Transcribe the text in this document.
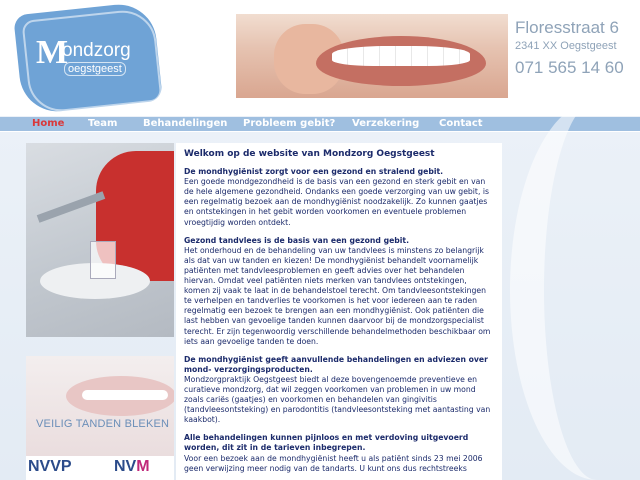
M
ondzorg
oegstgeest
Floresstraat 6
2341 XX Oegstgeest
071 565 14 60
Home Team	Behandelingen Probleem gebit? Verzekering Contact
VEILIG TANDEN BLEKEN
NVVP	NVM
Welkom op de website van Mondzorg Oegstgeest

De mondhygiënist zorgt voor een gezond en stralend gebit.
Een goede mondgezondheid is de basis van een gezond en sterk gebit en van de hele algemene gezondheid. Ondanks een goede verzorging van uw gebit, is een regelmatig bezoek aan de mondhygiënist noodzakelijk. Zo kunnen gaatjes en ontstekingen in het gebit worden voorkomen en eventuele problemen vroegtijdig worden ontdekt.

Gezond tandvlees is de basis van een gezond gebit.
Het onderhoud en de behandeling van uw tandvlees is minstens zo belangrijk als dat van uw tanden en kiezen! De mondhygiënist behandelt voornamelijk patiënten met tandvleesproblemen en geeft advies over het behandelen hiervan. Omdat veel patiënten niets merken van tandvlees ontstekingen, komen zij vaak te laat in de behandelstoel terecht. Om tandvleesontstekingen te verhelpen en tandverlies te voorkomen is het voor iedereen aan te raden regelmatig een bezoek te brengen aan een mondhygiënist. Ook patiënten die last hebben van gevoelige tanden kunnen daarvoor bij de mondzorgspecialist terecht. Er zijn tegenwoordig verschillende behandelmethoden beschikbaar om iets aan gevoelige tanden te doen.

De mondhygiënist geeft aanvullende behandelingen en adviezen over mond- verzorgingsproducten.
Mondzorgpraktijk Oegstgeest biedt al deze bovengenoemde preventieve en curatieve mondzorg, dat wil zeggen voorkomen van problemen in uw mond zoals cariës (gaatjes) en voorkomen en behandelen van gingivitis (tandvleesontsteking) en parodontitis (tandvleesontsteking met aantasting van kaakbot).

Alle behandelingen kunnen pijnloos en met verdoving uitgevoerd worden, dit zit in de tarieven inbegrepen.
Voor een bezoek aan de mondhygiënist heeft u als patiënt sinds 23 mei 2006 geen verwijzing meer nodig van de tandarts. U kunt ons dus rechtstreeks
